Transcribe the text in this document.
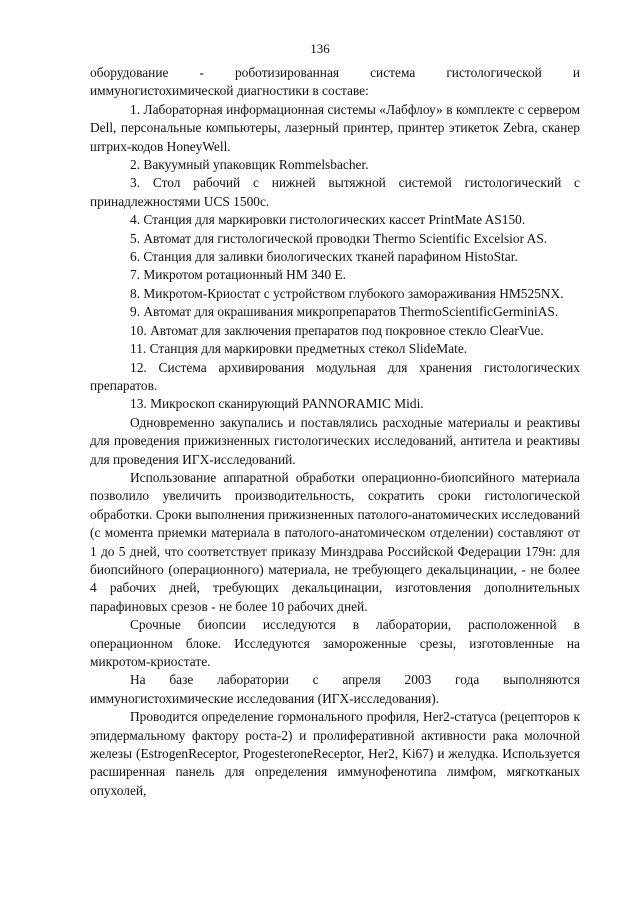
136

оборудование - роботизированная система гистологической и иммуногистохимической диагностики в составе:

1. Лабораторная информационная системы «Лабфлоу» в комплекте с сервером Dell, персональные компьютеры, лазерный принтер, принтер этикеток Zebra, сканер штрих-кодов HoneyWell.

2. Вакуумный упаковщик Rommelsbacher.

3. Стол рабочий с нижней вытяжной системой гистологический с принадлежностями UCS 1500с.

4. Станция для маркировки гистологических кассет PrintMate AS150.

5. Автомат для гистологической проводки Thermo Scientific Excelsior AS.

6. Станция для заливки биологических тканей парафином HistoStar.

7. Микротом ротационный HM 340 E.

8. Микротом-Криостат с устройством глубокого замораживания HM525NX.

9. Автомат для окрашивания микропрепаратов ThermoScientificGerminiAS.

10. Автомат для заключения препаратов под покровное стекло ClearVue.

11. Станция для маркировки предметных стекол SlideMate.

12. Система архивирования модульная для хранения гистологических препаратов.

13. Микроскоп сканирующий PANNORAMIC Midi.

Одновременно закупались и поставлялись расходные материалы и реактивы для проведения прижизненных гистологических исследований, антитела и реактивы для проведения ИГХ-исследований.

Использование аппаратной обработки операционно-биопсийного материала позволило увеличить производительность, сократить сроки гистологической обработки. Сроки выполнения прижизненных патолого-анатомических исследований (с момента приемки материала в патолого-анатомическом отделении) составляют от 1 до 5 дней, что соответствует приказу Минздрава Российской Федерации 179н: для биопсийного (операционного) материала, не требующего декальцинации, - не более 4 рабочих дней, требующих декальцинации, изготовления дополнительных парафиновых срезов - не более 10 рабочих дней.

Срочные биопсии исследуются в лаборатории, расположенной в операционном блоке. Исследуются замороженные срезы, изготовленные на микротом-криостате.

На базе лаборатории с апреля 2003 года выполняются иммуногистохимические исследования (ИГХ-исследования).

Проводится определение гормонального профиля, Her2-статуса (рецепторов к эпидермальному фактору роста-2) и пролиферативной активности рака молочной железы (EstrogenReceptor, ProgesteroneReceptor, Her2, Ki67) и желудка. Используется расширенная панель для определения иммунофенотипа лимфом, мягкотканых опухолей,
